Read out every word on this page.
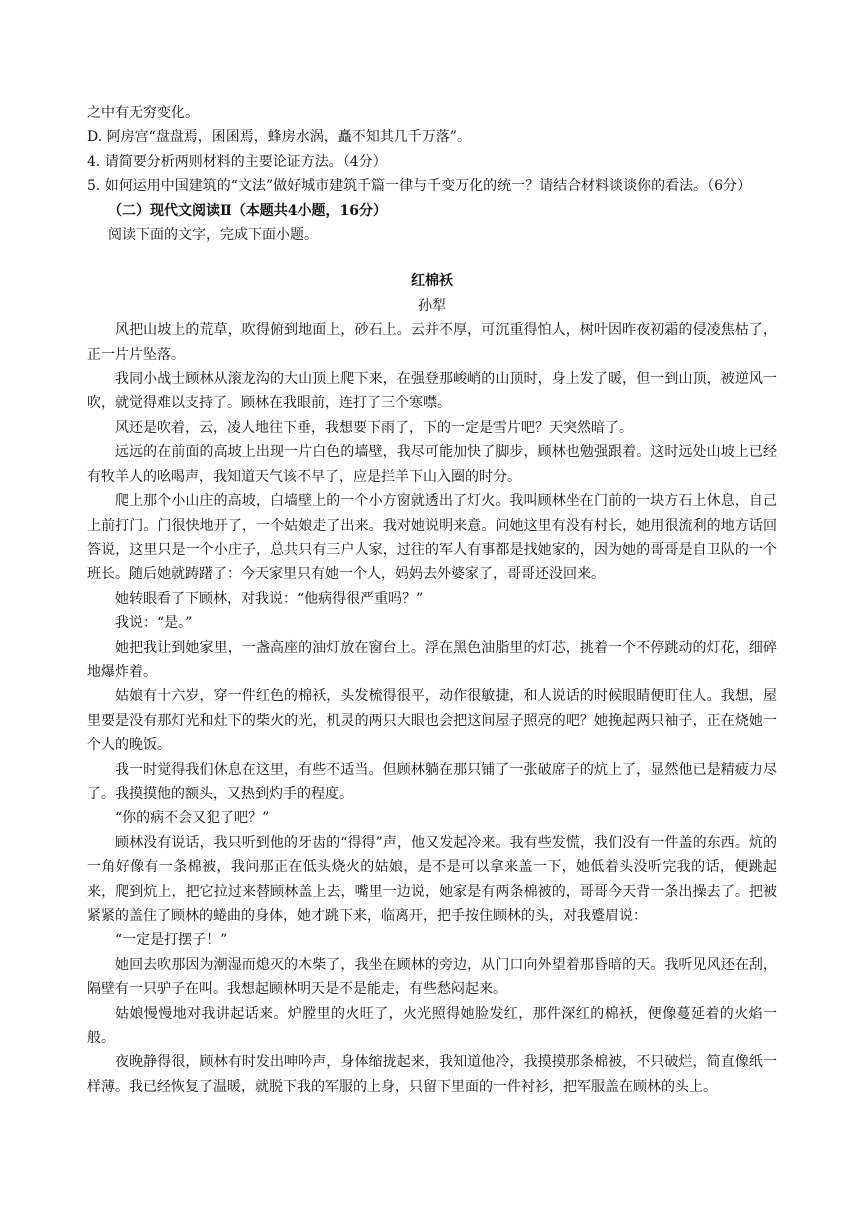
之中有无穷变化。

D. 阿房宫“盘盘焉，囷囷焉，蜂房水涡，矗不知其几千万落”。

4. 请简要分析两则材料的主要论证方法。（4分）

5. 如何运用中国建筑的“文法”做好城市建筑千篇一律与千变万化的统一？请结合材料谈谈你的看法。（6分）

（二）现代文阅读Ⅱ（本题共4小题，16分）

阅读下面的文字，完成下面小题。

红棉袄

孙犁

风把山坡上的荒草，吹得俯到地面上，砂石上。云并不厚，可沉重得怕人，树叶因昨夜初霜的侵凌焦枯了，正一片片坠落。

我同小战士顾林从滚龙沟的大山顶上爬下来，在强登那峻峭的山顶时，身上发了暖，但一到山顶，被逆风一吹，就觉得难以支持了。顾林在我眼前，连打了三个寒噤。

风还是吹着，云，凌人地往下垂，我想要下雨了，下的一定是雪片吧？天突然暗了。

远远的在前面的高坡上出现一片白色的墙壁，我尽可能加快了脚步，顾林也勉强跟着。这时远处山坡上已经有牧羊人的吆喝声，我知道天气该不早了，应是拦羊下山入圈的时分。

爬上那个小山庄的高坡，白墙壁上的一个小方窗就透出了灯火。我叫顾林坐在门前的一块方石上休息，自己上前打门。门很快地开了，一个姑娘走了出来。我对她说明来意。问她这里有没有村长，她用很流利的地方话回答说，这里只是一个小庄子，总共只有三户人家，过往的军人有事都是找她家的，因为她的哥哥是自卫队的一个班长。随后她就踌躇了：今天家里只有她一个人，妈妈去外婆家了，哥哥还没回来。

她转眼看了下顾林，对我说：“他病得很严重吗？”

我说：“是。”

她把我让到她家里，一盏高座的油灯放在窗台上。浮在黑色油脂里的灯芯，挑着一个不停跳动的灯花，细碎地爆炸着。

姑娘有十六岁，穿一件红色的棉袄，头发梳得很平，动作很敏捷，和人说话的时候眼睛便盯住人。我想，屋里要是没有那灯光和灶下的柴火的光，机灵的两只大眼也会把这间屋子照亮的吧？她挽起两只袖子，正在烧她一个人的晚饭。

我一时觉得我们休息在这里，有些不适当。但顾林躺在那只铺了一张破席子的炕上了，显然他已是精疲力尽了。我摸摸他的额头，又热到灼手的程度。

“你的病不会又犯了吧？”

顾林没有说话，我只听到他的牙齿的“得得”声，他又发起冷来。我有些发慌，我们没有一件盖的东西。炕的一角好像有一条棉被，我问那正在低头烧火的姑娘，是不是可以拿来盖一下，她低着头没听完我的话，便跳起来，爬到炕上，把它拉过来替顾林盖上去，嘴里一边说，她家是有两条棉被的，哥哥今天背一条出操去了。把被紧紧的盖住了顾林的蜷曲的身体，她才跳下来，临离开，把手按住顾林的头，对我蹙眉说：

“一定是打摆子！”

她回去吹那因为潮湿而熄灭的木柴了，我坐在顾林的旁边，从门口向外望着那昏暗的天。我听见风还在刮，隔壁有一只驴子在叫。我想起顾林明天是不是能走，有些愁闷起来。

姑娘慢慢地对我讲起话来。炉膛里的火旺了，火光照得她脸发红，那件深红的棉袄，便像蔓延着的火焰一般。

夜晚静得很，顾林有时发出呻吟声，身体缩拢起来，我知道他冷，我摸摸那条棉被，不只破烂，简直像纸一样薄。我已经恢复了温暖，就脱下我的军服的上身，只留下里面的一件衬衫，把军服盖在顾林的头上。
